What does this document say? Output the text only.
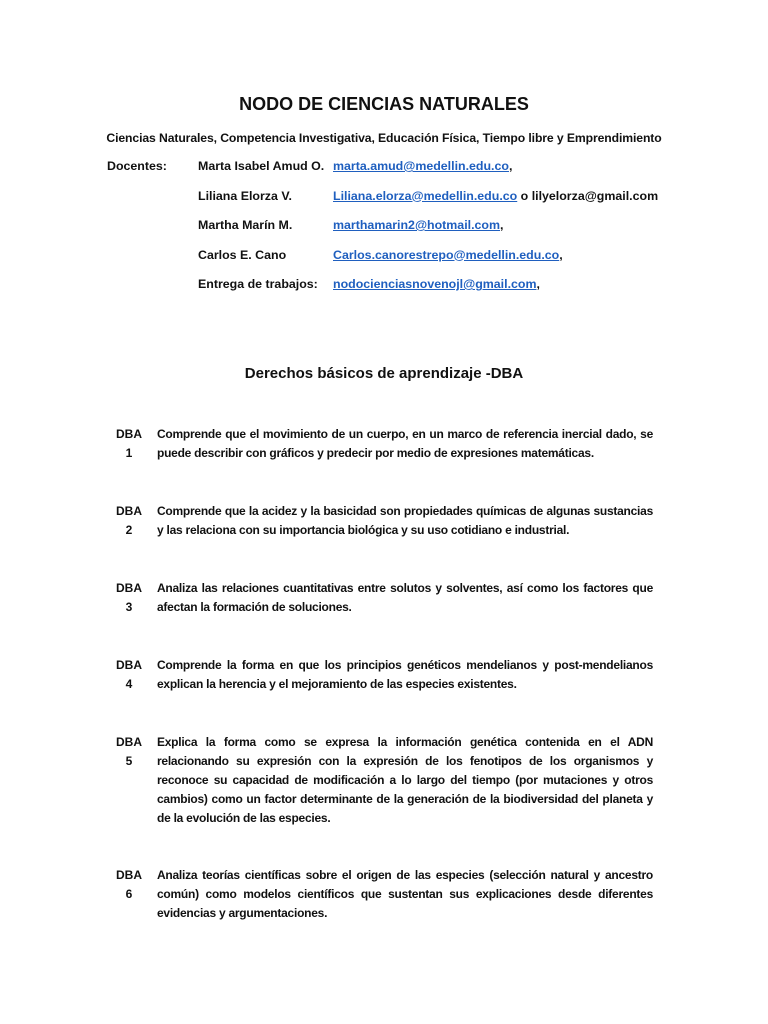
NODO DE CIENCIAS NATURALES
Ciencias Naturales, Competencia Investigativa, Educación Física, Tiempo libre y Emprendimiento
Docentes:	Marta Isabel Amud O. marta.amud@medellin.edu.co,
Liliana Elorza V.	Liliana.elorza@medellin.edu.co o lilyelorza@gmail.com
Martha Marín M.	marthamarin2@hotmail.com,
Carlos E. Cano	Carlos.canorestrepo@medellin.edu.co,
Entrega de trabajos: nodocienciasnovenojl@gmail.com,
Derechos básicos de aprendizaje -DBA
DBA
1
Comprende que el movimiento de un cuerpo, en un marco de referencia inercial dado, se puede describir con gráficos y predecir por medio de expresiones matemáticas.
DBA
2
Comprende que la acidez y la basicidad son propiedades químicas de algunas sustancias y las relaciona con su importancia biológica y su uso cotidiano e industrial.
DBA
3
Analiza las relaciones cuantitativas entre solutos y solventes, así como los factores que afectan la formación de soluciones.
DBA
4
Comprende la forma en que los principios genéticos mendelianos y post-mendelianos explican la herencia y el mejoramiento de las especies existentes.
DBA
5
Explica la forma como se expresa la información genética contenida en el ADN relacionando su expresión con la expresión de los fenotipos de los organismos y reconoce su capacidad de modificación a lo largo del tiempo (por mutaciones y otros cambios) como un factor determinante de la generación de la biodiversidad del planeta y de la evolución de las especies.
DBA
6
Analiza teorías científicas sobre el origen de las especies (selección natural y ancestro común) como modelos científicos que sustentan sus explicaciones desde diferentes evidencias y argumentaciones.
